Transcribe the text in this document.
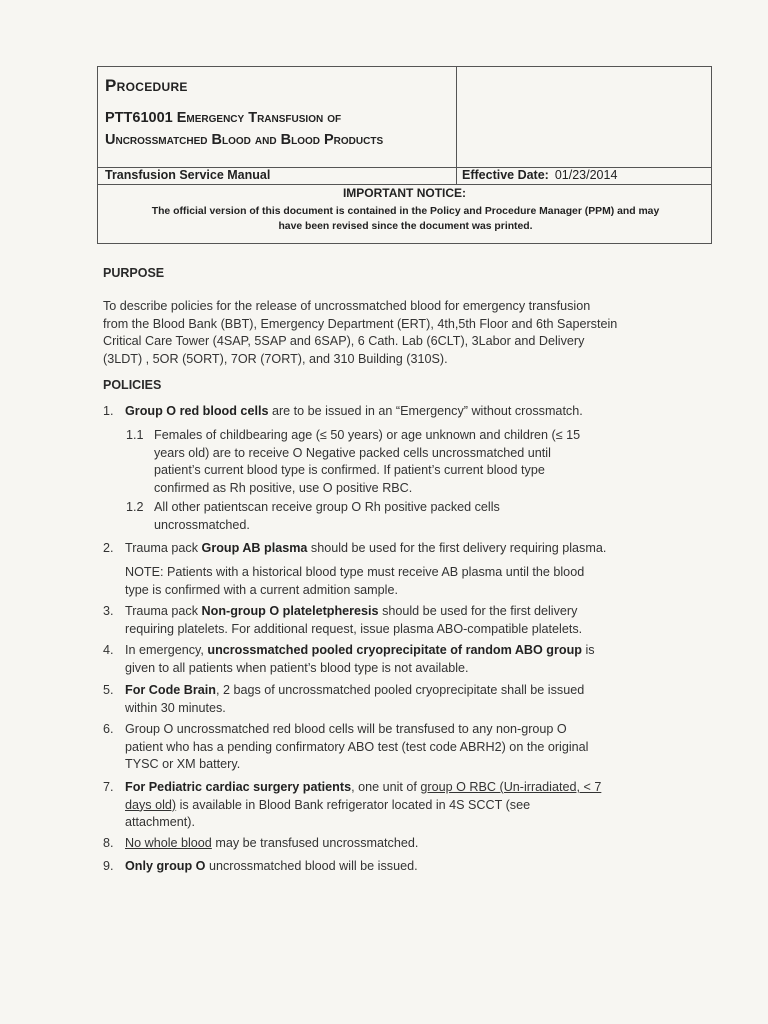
Procedure
PTT61001 Emergency Transfusion of
Uncrossmatched Blood and Blood Products
Transfusion Service Manual	Effective Date: 01/23/2014
IMPORTANT NOTICE:
The official version of this document is contained in the Policy and Procedure Manager (PPM) and may
have been revised since the document was printed.
PURPOSE
To describe policies for the release of uncrossmatched blood for emergency transfusion
from the Blood Bank (BBT), Emergency Department (ERT), 4th,5th Floor and 6th Saperstein
Critical Care Tower (4SAP, 5SAP and 6SAP), 6 Cath. Lab (6CLT), 3Labor and Delivery
(3LDT) , 5OR (5ORT), 7OR (7ORT), and 310 Building (310S).
POLICIES
1. Group O red blood cells are to be issued in an “Emergency” without crossmatch.
1.1 Females of childbearing age (≤ 50 years) or age unknown and children (≤ 15
years old) are to receive O Negative packed cells uncrossmatched until
patient’s current blood type is confirmed. If patient’s current blood type
confirmed as Rh positive, use O positive RBC.
1.2 All other patientscan receive group O Rh positive packed cells
uncrossmatched.
2. Trauma pack Group AB plasma should be used for the first delivery requiring plasma.
NOTE: Patients with a historical blood type must receive AB plasma until the blood
type is confirmed with a current admition sample.
3. Trauma pack Non-group O plateletpheresis should be used for the first delivery
requiring platelets. For additional request, issue plasma ABO-compatible platelets.
4. In emergency, uncrossmatched pooled cryoprecipitate of random ABO group is
given to all patients when patient’s blood type is not available.
5. For Code Brain, 2 bags of uncrossmatched pooled cryoprecipitate shall be issued
within 30 minutes.
6. Group O uncrossmatched red blood cells will be transfused to any non-group O
patient who has a pending confirmatory ABO test (test code ABRH2) on the original
TYSC or XM battery.
7. For Pediatric cardiac surgery patients, one unit of group O RBC (Un-irradiated, < 7
days old) is available in Blood Bank refrigerator located in 4S SCCT (see
attachment).
8. No whole blood may be transfused uncrossmatched.
9. Only group O uncrossmatched blood will be issued.
